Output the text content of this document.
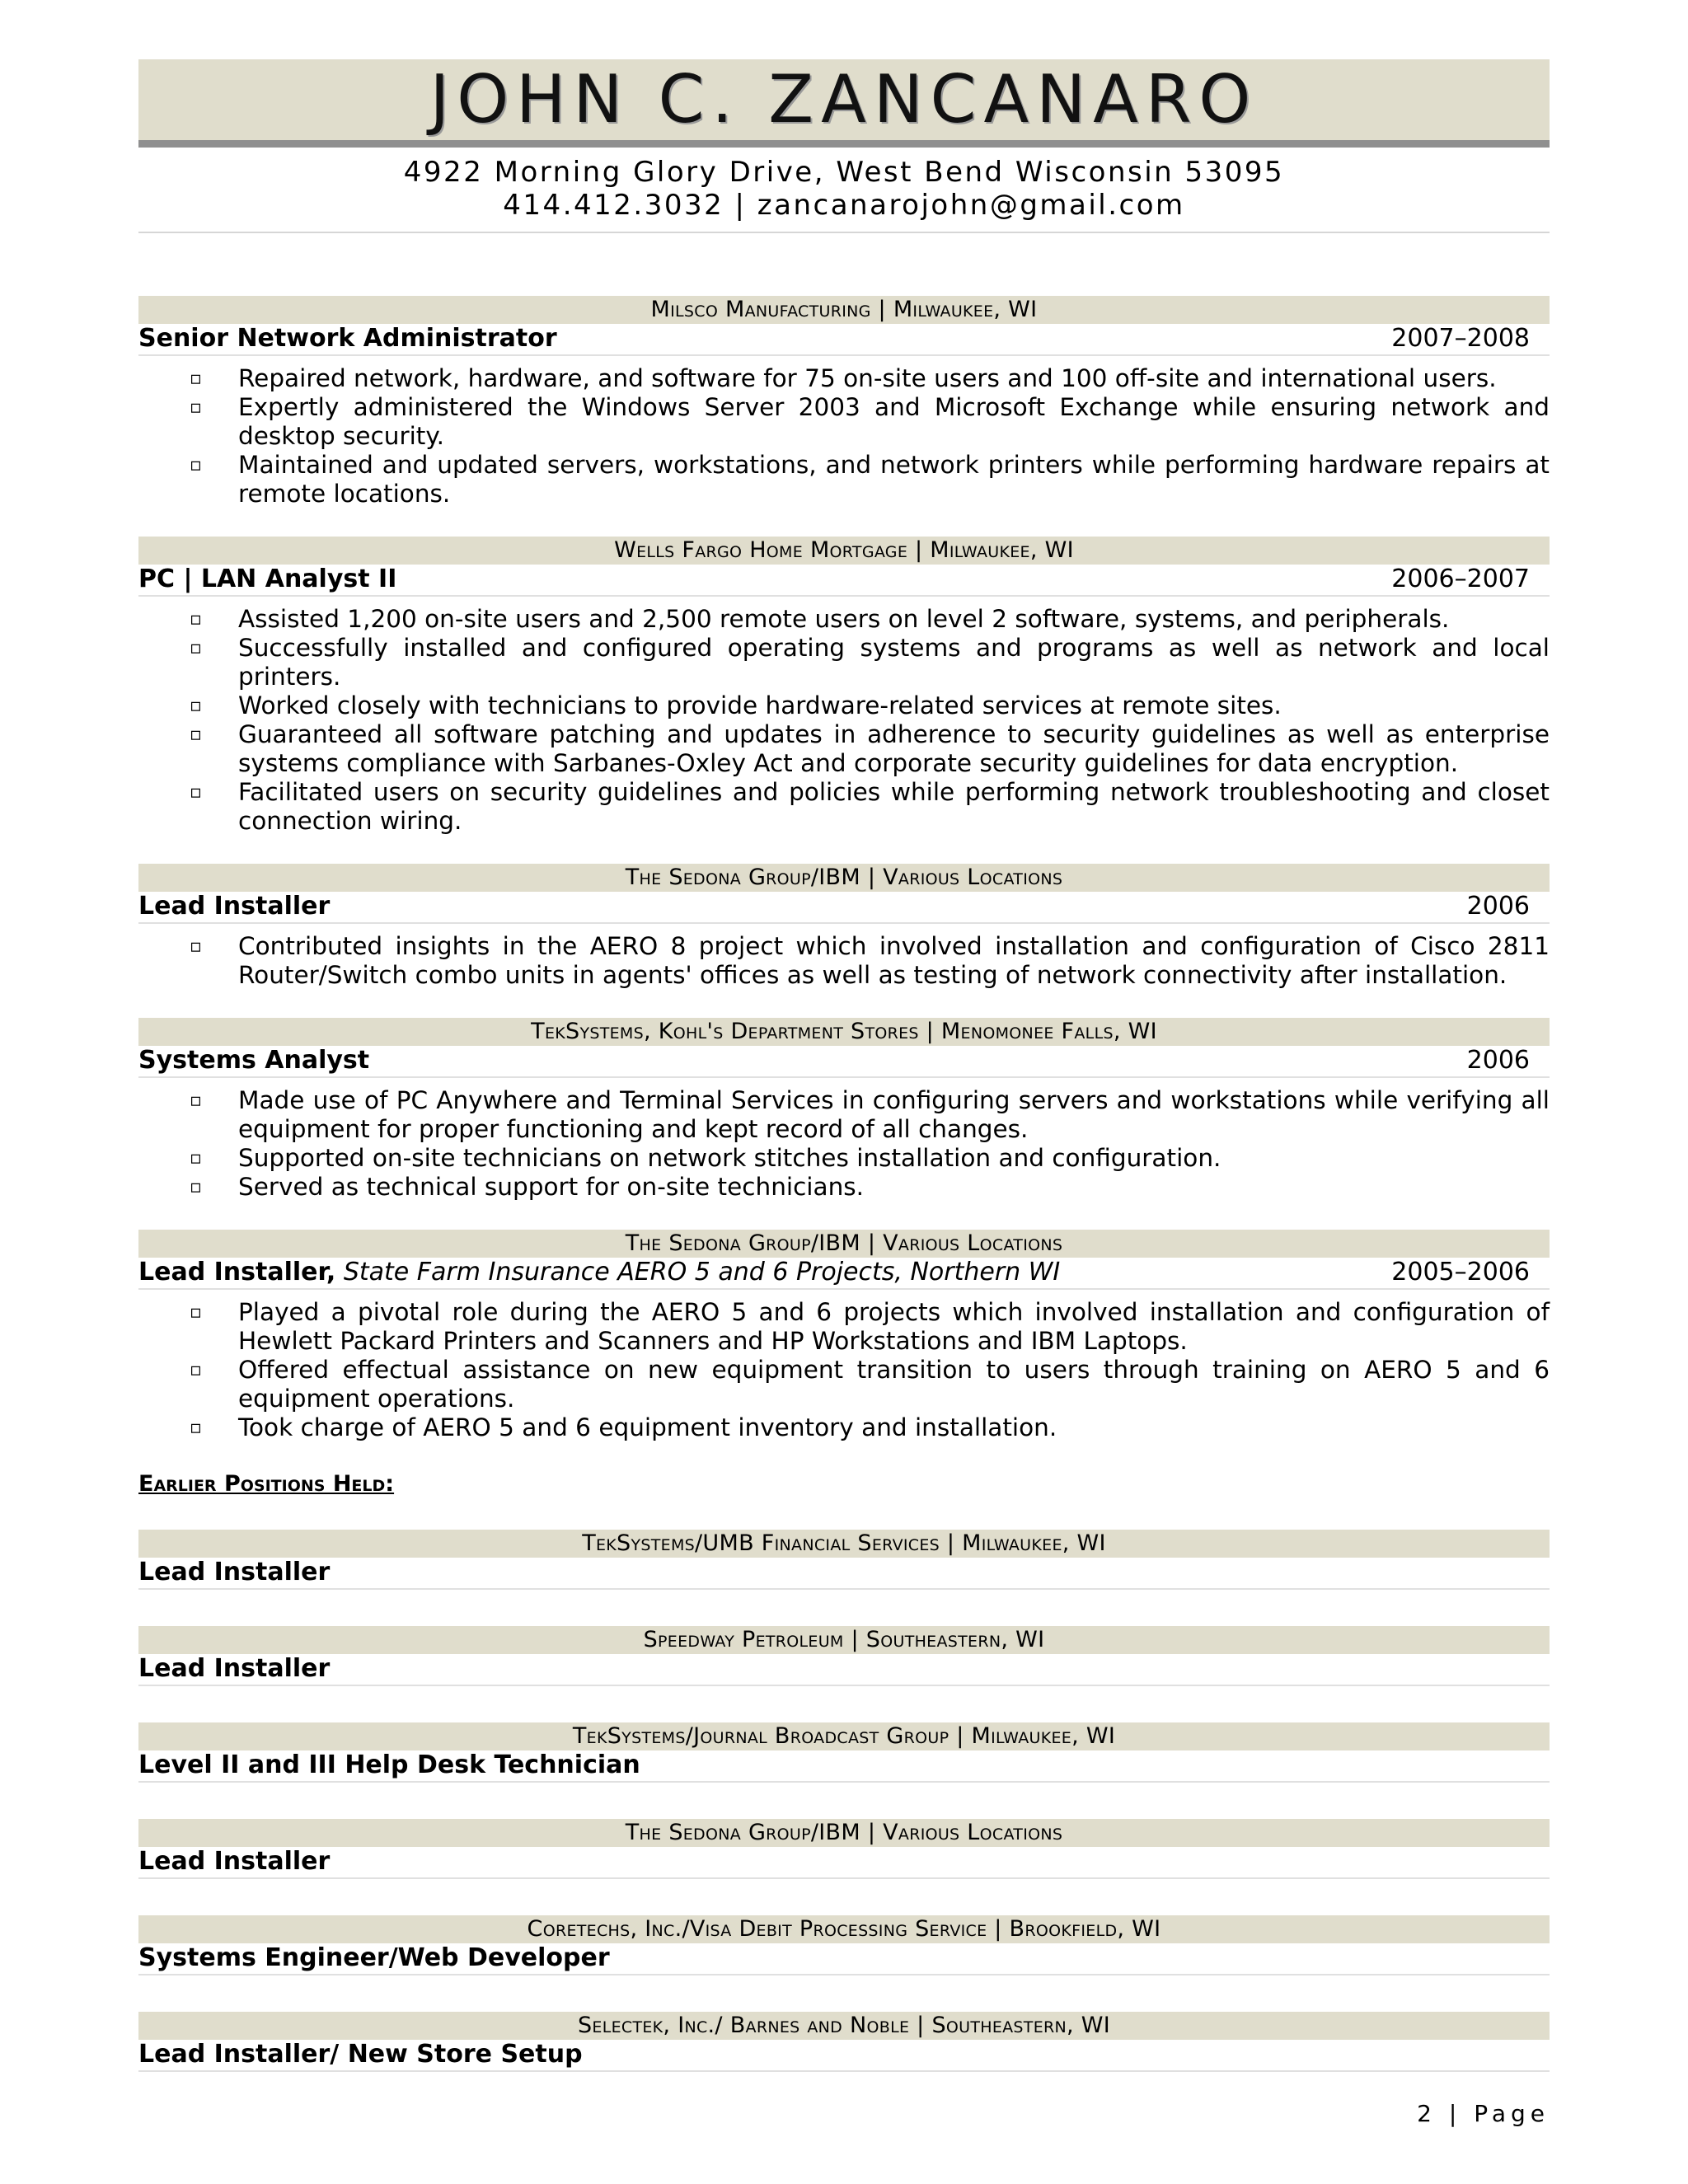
JOHN C. ZANCANARO
4922 Morning Glory Drive, West Bend Wisconsin 53095
414.412.3032 | zancanarojohn@gmail.com
Milsco Manufacturing | Milwaukee, WI
Senior Network Administrator	2007–2008
▫ Repaired network, hardware, and software for 75 on-site users and 100 off-site and international users.
▫ Expertly administered the Windows Server 2003 and Microsoft Exchange while ensuring network and desktop security.
▫ Maintained and updated servers, workstations, and network printers while performing hardware repairs at remote locations.
Wells Fargo Home Mortgage | Milwaukee, WI
PC | LAN Analyst II	2006–2007
▫ Assisted 1,200 on-site users and 2,500 remote users on level 2 software, systems, and peripherals.
▫ Successfully installed and configured operating systems and programs as well as network and local printers.
▫ Worked closely with technicians to provide hardware-related services at remote sites.
▫ Guaranteed all software patching and updates in adherence to security guidelines as well as enterprise systems compliance with Sarbanes-Oxley Act and corporate security guidelines for data encryption.
▫ Facilitated users on security guidelines and policies while performing network troubleshooting and closet connection wiring.
The Sedona Group/IBM | Various Locations
Lead Installer	2006
▫ Contributed insights in the AERO 8 project which involved installation and configuration of Cisco 2811 Router/Switch combo units in agents' offices as well as testing of network connectivity after installation.
TekSystems, Kohl's Department Stores | Menomonee Falls, WI
Systems Analyst	2006
▫ Made use of PC Anywhere and Terminal Services in configuring servers and workstations while verifying all equipment for proper functioning and kept record of all changes.
▫ Supported on-site technicians on network stitches installation and configuration.
▫ Served as technical support for on-site technicians.
The Sedona Group/IBM | Various Locations
Lead Installer, State Farm Insurance AERO 5 and 6 Projects, Northern WI	2005–2006
▫ Played a pivotal role during the AERO 5 and 6 projects which involved installation and configuration of Hewlett Packard Printers and Scanners and HP Workstations and IBM Laptops.
▫ Offered effectual assistance on new equipment transition to users through training on AERO 5 and 6 equipment operations.
▫ Took charge of AERO 5 and 6 equipment inventory and installation.
Earlier Positions Held:
TekSystems/UMB Financial Services | Milwaukee, WI
Lead Installer
Speedway Petroleum | Southeastern, WI
Lead Installer
TekSystems/Journal Broadcast Group | Milwaukee, WI
Level II and III Help Desk Technician
The Sedona Group/IBM | Various Locations
Lead Installer
Coretechs, Inc./Visa Debit Processing Service | Brookfield, WI
Systems Engineer/Web Developer
Selectek, Inc./ Barnes and Noble | Southeastern, WI
Lead Installer/ New Store Setup
2 | Page
